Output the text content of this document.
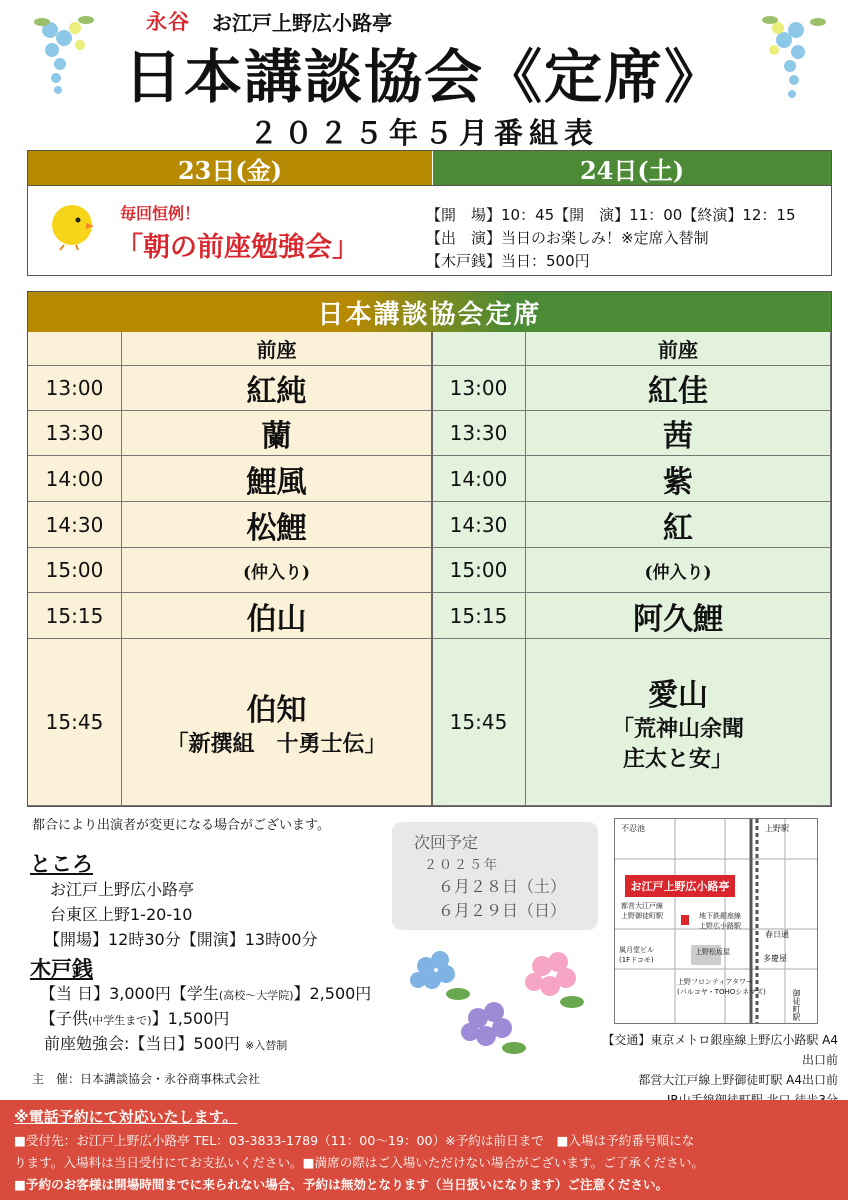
永谷 お江戸上野広小路亭
日本講談協会《定席》
２０２５年５月番組表
23日(金)	24日(土)
毎回恒例！
「朝の前座勉強会」
【開　場】10：45【開　演】11：00【終演】12：15
【出　演】当日のお楽しみ！※定席入替制
【木戸銭】当日：500円
日本講談協会定席
前座	前座
13:00	紅純
13:30	蘭
14:00	鯉風
14:30	松鯉
15:00	(仲入り)
15:15	伯山
15:45	伯知
「新撰組　十勇士伝」
13:00	紅佳
13:30	茜
14:00	紫
14:30	紅
15:00	(仲入り)
15:15	阿久鯉
15:45
愛山
「荒神山余聞
庄太と安」
都合により出演者が変更になる場合がございます。
ところ
お江戸上野広小路亭
台東区上野1-20-10
【開場】12時30分【開演】13時00分
木戸銭
【当 日】3,000円【学生(高校～大学院)】2,500円
【子供(中学生まで)】1,500円
前座勉強会:【当日】500円 ※入替制
主　催：日本講談協会・永谷商事株式会社
次回予定
２０２５年
６月２８日（土）
６月２９日（日）
不忍池	上野駅
お江戸上野広小路亭
都営大江戸線
上野御徒町駅	地下鉄銀座線
上野広小路駅
春日通
風月堂ビル
(1Fドコモ)
上野松坂屋
多慶屋
上野フロンティアタワー
(パルコヤ・TOHOシネマズ)	御徒町駅
【交通】東京メトロ銀座線上野広小路駅 A4出口前
都営大江戸線上野御徒町駅 A4出口前
※電話予約にて対応いたします。
■受付先：お江戸上野広小路亭 TEL：03-3833-1789（11：00～19：00）※予約は前日まで　■入場は予約番号順にな
ります。入場料は当日受付にてお支払いください。■満席の際はご入場いただけない場合がございます。ご了承ください。
■予約のお客様は開場時間までに来られない場合、予約は無効となります（当日扱いになります）ご注意ください。
